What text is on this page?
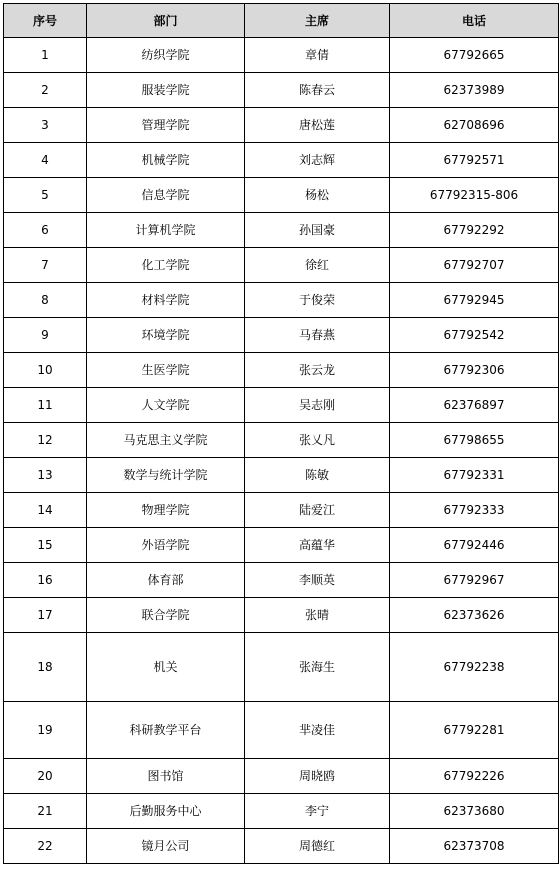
序号	部门	主席	电话
1	纺织学院	章倩	67792665
2	服装学院	陈春云	62373989
3	管理学院	唐松莲	62708696
4	机械学院	刘志辉	67792571
5	信息学院	杨松	67792315-806
6	计算机学院	孙国豪	67792292
7	化工学院	徐红	67792707
8	材料学院	于俊荣	67792945
9	环境学院	马春燕	67792542
10	生医学院	张云龙	67792306
11	人文学院	吴志刚	62376897
12	马克思主义学院	张乂凡	67798655
13	数学与统计学院	陈敏	67792331
14	物理学院	陆爱江	67792333
15	外语学院	高蕴华	67792446
16	体育部	李顺英	67792967
17	联合学院	张晴	62373626
18	机关	张海生	67792238
19	科研教学平台	芈凌佳	67792281
20	图书馆	周晓鸥	67792226
21	后勤服务中心	李宁	62373680
22	镜月公司	周德红	62373708
